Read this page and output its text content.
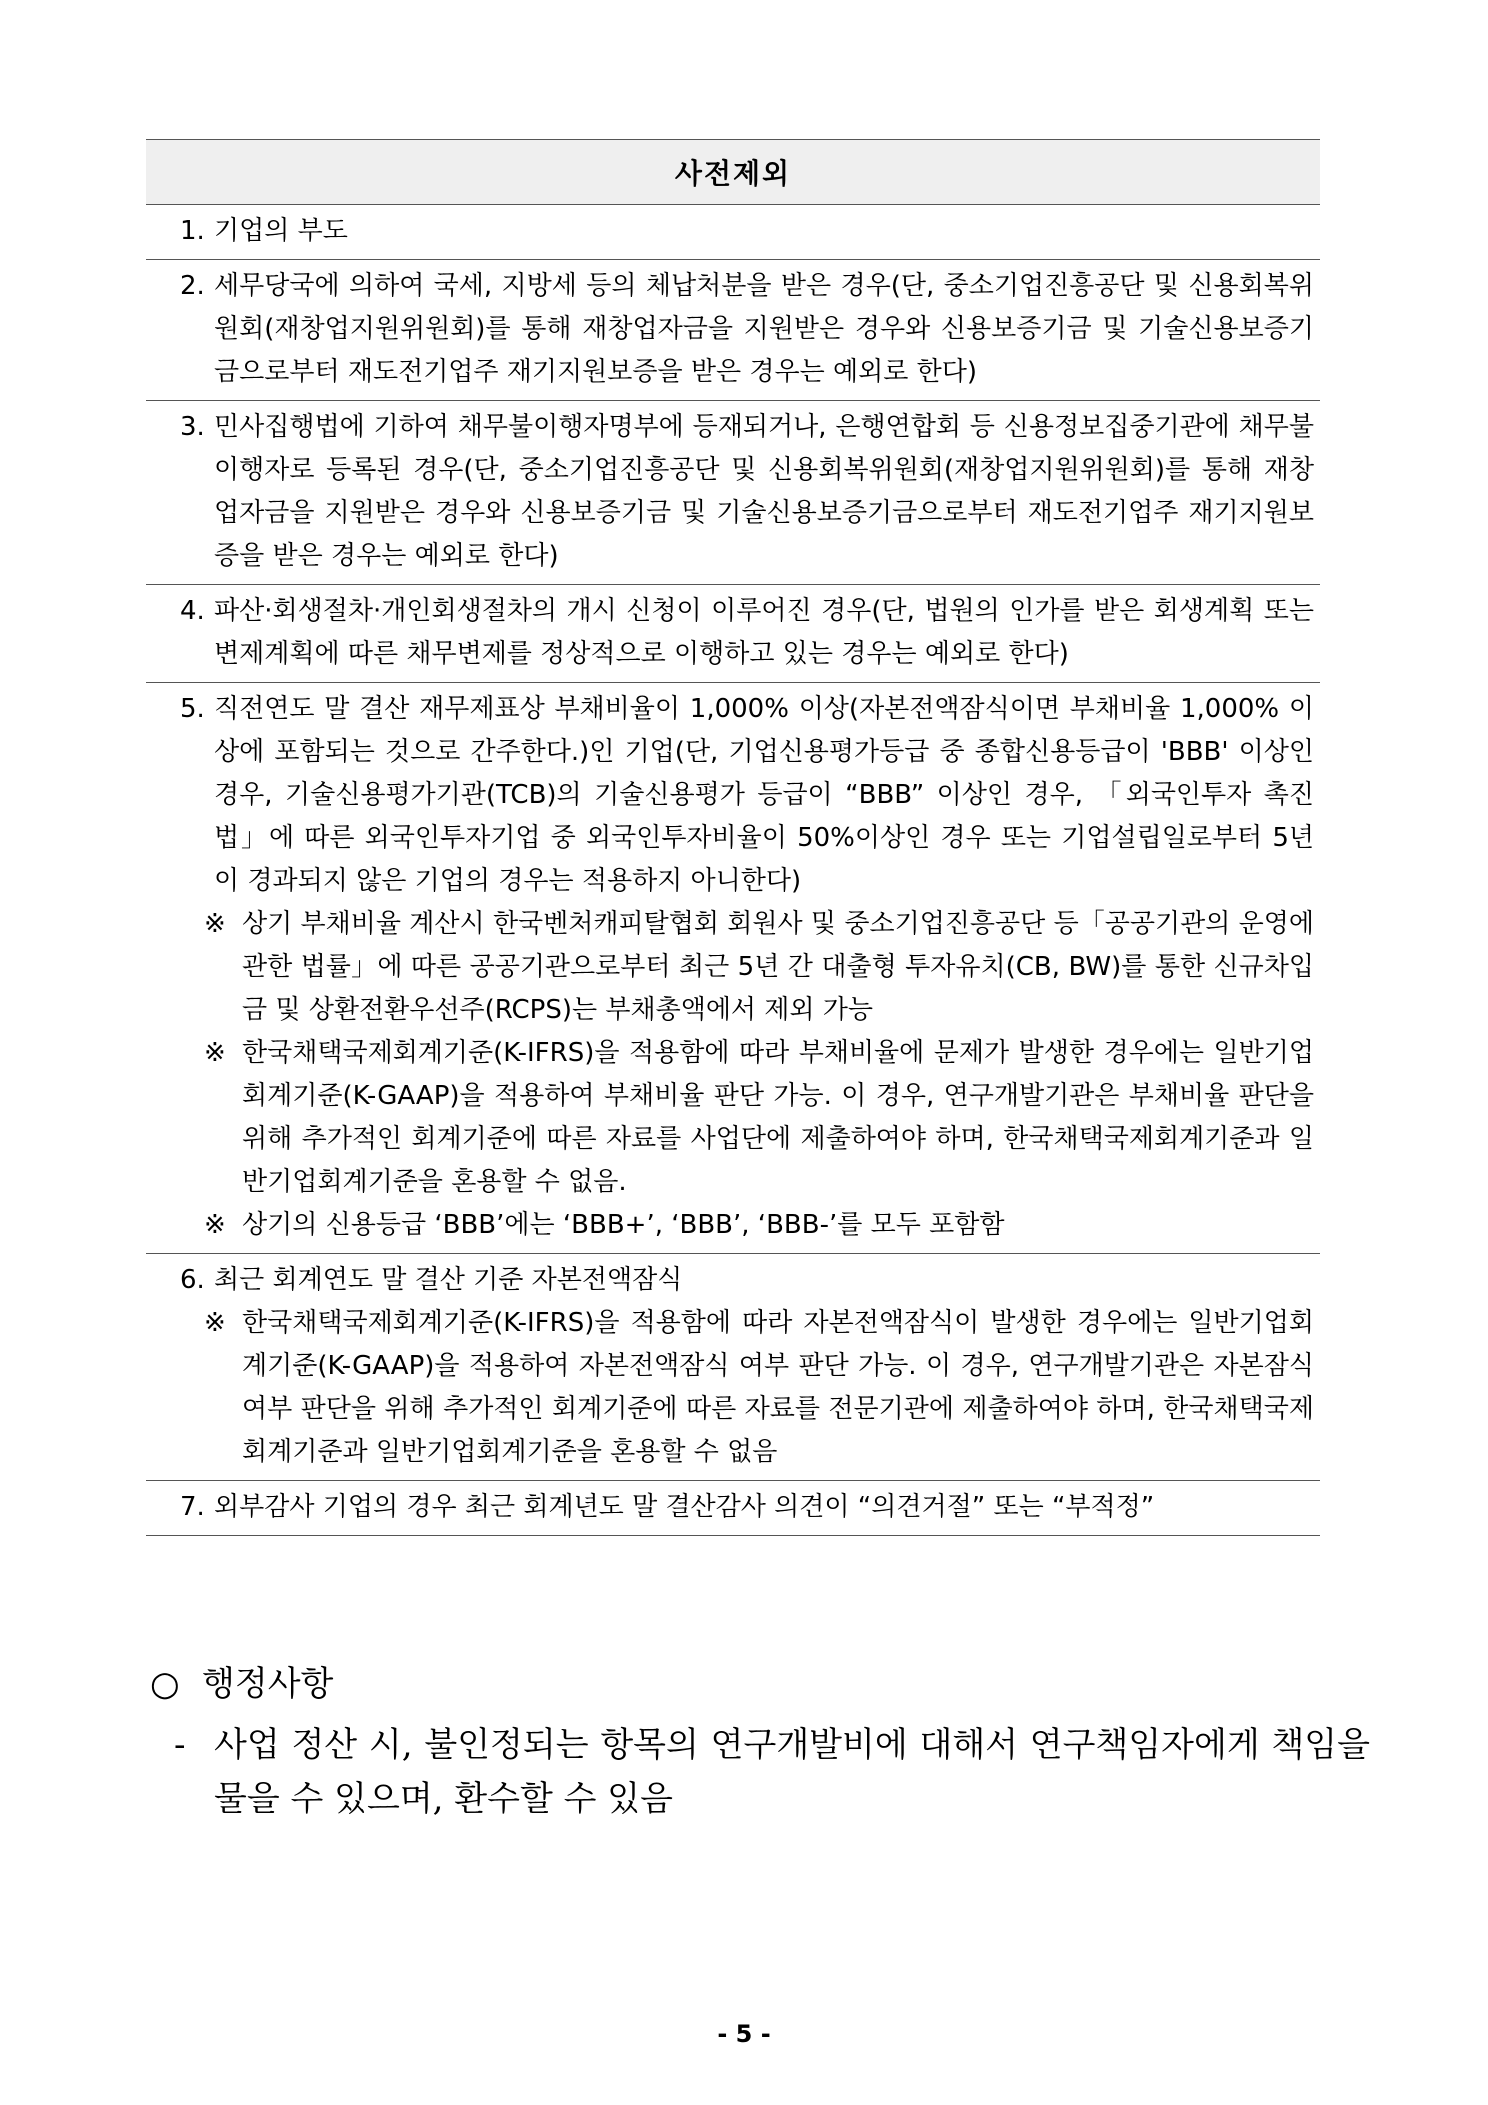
사전제외
1. 기업의 부도
2. 세무당국에 의하여 국세, 지방세 등의 체납처분을 받은 경우(단, 중소기업진흥공단 및 신용회복위원회(재창업지원위원회)를 통해 재창업자금을 지원받은 경우와 신용보증기금 및 기술신용보증기금으로부터 재도전기업주 재기지원보증을 받은 경우는 예외로 한다)
3. 민사집행법에 기하여 채무불이행자명부에 등재되거나, 은행연합회 등 신용정보집중기관에 채무불이행자로 등록된 경우(단, 중소기업진흥공단 및 신용회복위원회(재창업지원위원회)를 통해 재창업자금을 지원받은 경우와 신용보증기금 및 기술신용보증기금으로부터 재도전기업주 재기지원보증을 받은 경우는 예외로 한다)
4. 파산·회생절차·개인회생절차의 개시 신청이 이루어진 경우(단, 법원의 인가를 받은 회생계획 또는 변제계획에 따른 채무변제를 정상적으로 이행하고 있는 경우는 예외로 한다)
5. 직전연도 말 결산 재무제표상 부채비율이 1,000% 이상(자본전액잠식이면 부채비율 1,000% 이상에 포함되는 것으로 간주한다.)인 기업(단, 기업신용평가등급 중 종합신용등급이 'BBB' 이상인 경우, 기술신용평가기관(TCB)의 기술신용평가 등급이 “BBB” 이상인 경우, 「외국인투자 촉진법」에 따른 외국인투자기업 중 외국인투자비율이 50%이상인 경우 또는 기업설립일로부터 5년이 경과되지 않은 기업의 경우는 적용하지 아니한다)
※ 상기 부채비율 계산시 한국벤처캐피탈협회 회원사 및 중소기업진흥공단 등「공공기관의 운영에 관한 법률」에 따른 공공기관으로부터 최근 5년 간 대출형 투자유치(CB, BW)를 통한 신규차입금 및 상환전환우선주(RCPS)는 부채총액에서 제외 가능
※ 한국채택국제회계기준(K-IFRS)을 적용함에 따라 부채비율에 문제가 발생한 경우에는 일반기업회계기준(K-GAAP)을 적용하여 부채비율 판단 가능. 이 경우, 연구개발기관은 부채비율 판단을 위해 추가적인 회계기준에 따른 자료를 사업단에 제출하여야 하며, 한국채택국제회계기준과 일반기업회계기준을 혼용할 수 없음.
※ 상기의 신용등급 ‘BBB’에는 ‘BBB+’, ‘BBB’, ‘BBB-’를 모두 포함함
6. 최근 회계연도 말 결산 기준 자본전액잠식
※ 한국채택국제회계기준(K-IFRS)을 적용함에 따라 자본전액잠식이 발생한 경우에는 일반기업회계기준(K-GAAP)을 적용하여 자본전액잠식 여부 판단 가능. 이 경우, 연구개발기관은 자본잠식 여부 판단을 위해 추가적인 회계기준에 따른 자료를 전문기관에 제출하여야 하며, 한국채택국제회계기준과 일반기업회계기준을 혼용할 수 없음
7. 외부감사 기업의 경우 최근 회계년도 말 결산감사 의견이 “의견거절” 또는 “부적정”
○ 행정사항
- 사업 정산 시, 불인정되는 항목의 연구개발비에 대해서 연구책임자에게 책임을 물을 수 있으며, 환수할 수 있음
- 5 -
